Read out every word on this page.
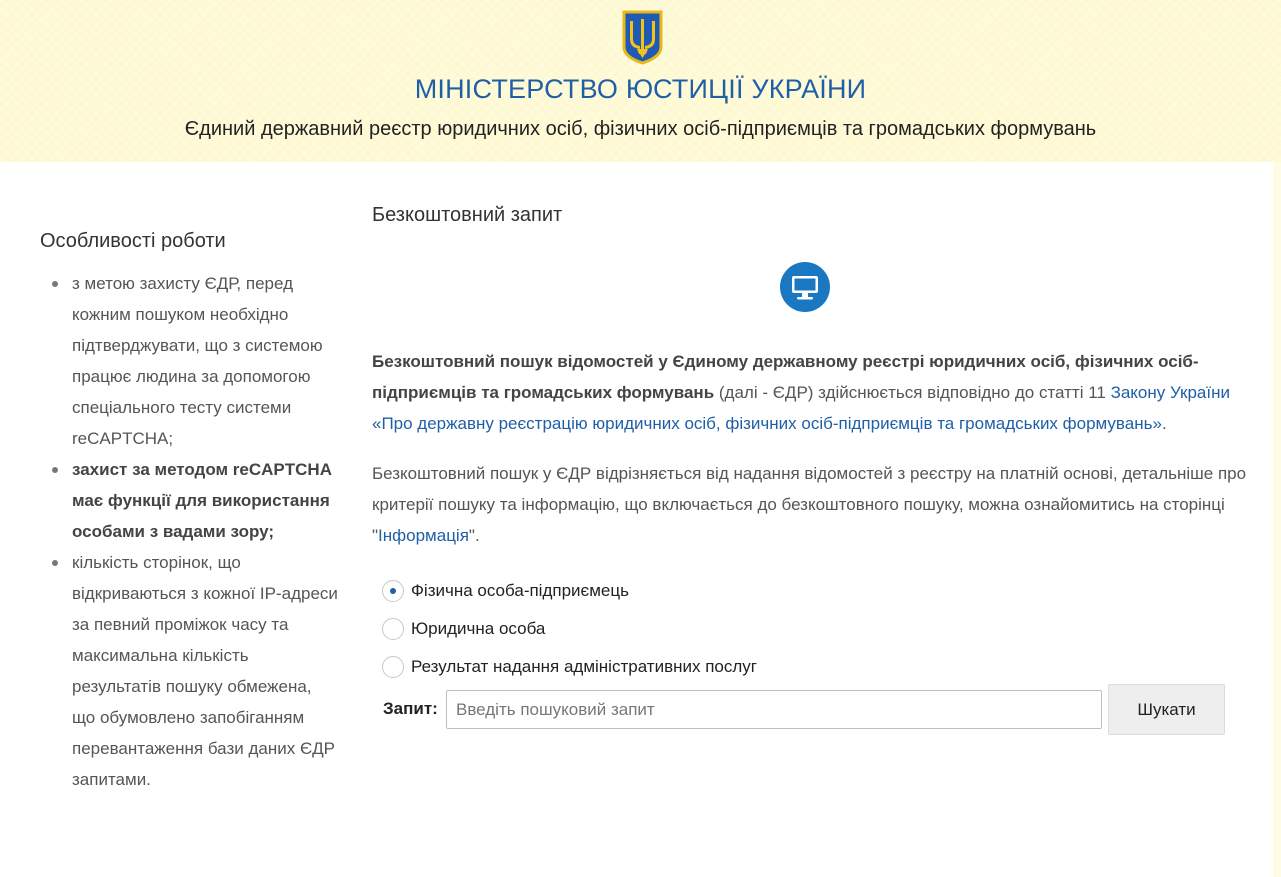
МІНІСТЕРСТВО ЮСТИЦІЇ УКРАЇНИ
Єдиний державний реєстр юридичних осіб, фізичних осіб-підприємців та громадських формувань
Особливості роботи
з метою захисту ЄДР, перед кожним пошуком необхідно підтверджувати, що з системою працює людина за допомогою спеціального тесту системи reCAPTCHA;
захист за методом reCAPTCHA має функції для використання особами з вадами зору;
кількість сторінок, що відкриваються з кожної IP-адреси за певний проміжок часу та максимальна кількість результатів пошуку обмежена, що обумовлено запобіганням перевантаження бази даних ЄДР запитами.
Безкоштовний запит

Безкоштовний пошук відомостей у Єдиному державному реєстрі юридичних осіб, фізичних осіб-підприємців та громадських формувань (далі - ЄДР) здійснюється відповідно до статті 11 Закону України «Про державну реєстрацію юридичних осіб, фізичних осіб-підприємців та громадських формувань».

Безкоштовний пошук у ЄДР відрізняється від надання відомостей з реєстру на платній основі, детальніше про критерії пошуку та інформацію, що включається до безкоштовного пошуку, можна ознайомитись на сторінці "Інформація".

Фізична особа-підприємець
Юридична особа
Результат надання адміністративних послуг
Запит:
Введіть пошуковий запит	Шукати
